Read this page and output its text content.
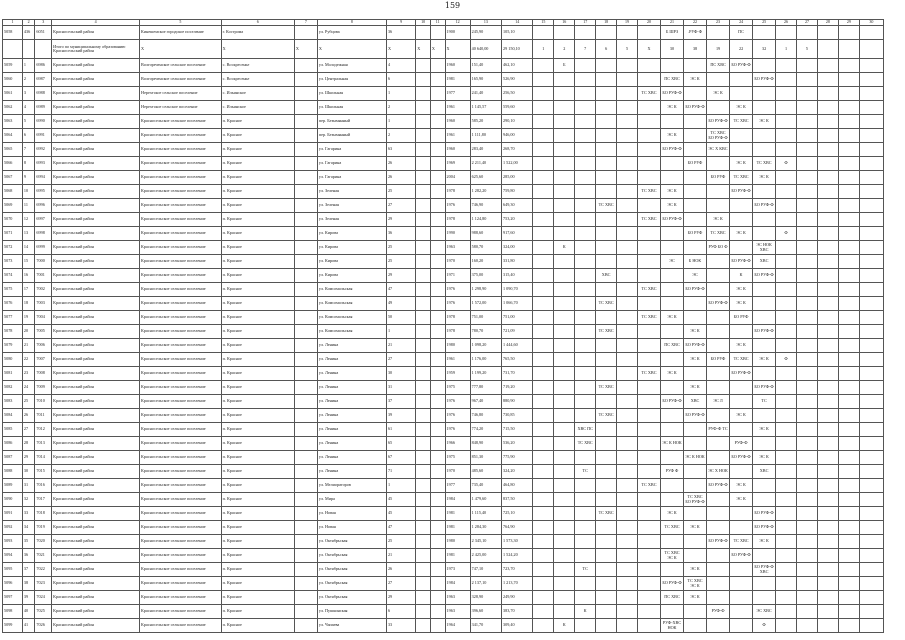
159
1	2	3	4	5	6	7	8	9	10	11	12	13	14	15	16	17	18	19	20	21	22	23	24	25	26	27	28	29	30
5058	436	6051	Красносельский район	Кинешемское городское поселение	г. Кострома		ул. Рубцова	36			1900	245,90	105,10							Б ШРЗ	.РУФ-Ф		ПС						
			Итого по муниципальному образованию Красносельский район	X	X	X	X	X	X	X	X	40 640,00	29 150,10	1	2	7	6	5	Х	30	38	19	22	32	1	5			
5059	1	6986	Красносельский район	Волгореченское сельское поселение	с. Воскресенье		ул. Молодежная	4			1960	151,40	462,10		Б							ПС ХВС	БО РУФ-Ф						
5060	2	6987	Красносельский район	Волгореченское сельское поселение	с. Воскресенье		ул. Центральная	6			1981	165,90	526,90							ПС ХВС	ЭС К			БО РУФ-Ф					
5061	3	6988	Красносельский район	Нерехтское сельское поселение	с. Ильинское		ул. Школьная	1			1977	241,40	256,50						ТС ХВС	БО РУФ-Ф		ЭС К							
5062	4	6989	Красносельский район	Нерехтское сельское поселение	с. Ильинское		ул. Школьная	2			1961	1 145,57	559,60							ЭС К	БО РУФ-Ф		ЭС К						
5063	5	6990	Красносельский район	Красносельское сельское поселение	п. Красное		пер. Безымянный	1			1960	585,20	290,10									БО РУФ-Ф	ТС ХВС	ЭС К					
5064	6	6991	Красносельский район	Красносельское сельское поселение	п. Красное		пер. Безымянный	2			1961	1 111,80	946,00							ЭС К		ТС ХВС БО РУФ-Ф							
5065	7	6992	Красносельский район	Красносельское сельское поселение	п. Красное		ул. Гагарина	63			1960	283,40	268,70							БО РУФ-Ф		ЭС Х КВС							
5066	8	6993	Красносельский район	Красносельское сельское поселение	п. Красное		ул. Гагарина	26			1969	2 211,40	1 522,00								БО РУФ		ЭС К	ТС ХВС	Ф				
5067	9	6994	Красносельский район	Красносельское сельское поселение	п. Красное		ул. Гагарина	26			2004	625,60	285,00									БО РУФ	ТС ХВС	ЭС К					
5068	10	6995	Красносельский район	Красносельское сельское поселение	п. Красное		ул. Зеленая	25			1978	1 282,20	759,80						ТС ХВС	ЭС К			БО РУФ-Ф						
5069	11	6996	Красносельский район	Красносельское сельское поселение	п. Красное		ул. Зеленая	27			1976	746,90	649,30				ТС ХВС			ЭС К				БО РУФ-Ф					
5070	12	6997	Красносельский район	Красносельское сельское поселение	п. Красное		ул. Зеленая	29			1978	1 124,80	753,20						ТС ХВС	БО РУФ-Ф		ЭС К							
5071	13	6998	Красносельский район	Красносельское сельское поселение	п. Красное		ул. Кирова	36			1990	988,60	917,60								БО РУФ	ТС ХВС	ЭС К		Ф				
5072	14	6999	Красносельский район	Красносельское сельское поселение	п. Красное		ул. Кирова	25			1963	580,70	324,00		К							РУФ БО Ф		ЭС НОК ХВС					
5073	15	7000	Красносельский район	Красносельское сельское поселение	п. Красное		ул. Кирова	25			1970	160,20	331,80							ЭС	Б НОК		БО РУФ-Ф	ХВС					
5074	16	7001	Красносельский район	Красносельское сельское поселение	п. Красное		ул. Кирова	29			1971	375,00	315,40				ХВС				ЭС		К	БО РУФ-Ф					
5075	17	7002	Красносельский район	Красносельское сельское поселение	п. Красное		ул. Комсомольская	47			1976	1 298,90	1 090,70						ТС ХВС		БО РУФ-Ф		ЭС К						
5076	18	7003	Красносельский район	Красносельское сельское поселение	п. Красное		ул. Комсомольская	49			1976	1 572,00	1 066,70				ТС ХВС					БО РУФ-Ф	ЭС К						
5077	19	7004	Красносельский район	Красносельское сельское поселение	п. Красное		ул. Комсомольская	50			1978	751,00	751,00						ТС ХВС	ЭС К			БО РУФ						
5078	20	7005	Красносельский район	Красносельское сельское поселение	п. Красное		ул. Комсомольская	1			1978	780,70	721,09				ТС ХВС				ЭС К			БО РУФ-Ф					
5079	21	7006	Красносельский район	Красносельское сельское поселение	п. Красное		ул. Ленина	21			1980	1 098,20	1 444,60							ПС ХВС	БО РУФ-Ф		ЭС К						
5080	22	7007	Красносельский район	Красносельское сельское поселение	п. Красное		ул. Ленина	27			1961	1 176,00	765,50								ЭС К	БО РУФ	ТС ХВС	ЭС К	Ф				
5081	23	7008	Красносельский район	Красносельское сельское поселение	п. Красное		ул. Ленина	30			1959	1 199,20	731,70						ТС ХВС	ЭС К			БО РУФ-Ф						
5082	24	7009	Красносельский район	Красносельское сельское поселение	п. Красное		ул. Ленина	31			1975	777,80	719,20				ТС ХВС				ЭС К			БО РУФ-Ф					
5083	25	7010	Красносельский район	Красносельское сельское поселение	п. Красное		ул. Ленина	37			1976	967,40	880,90							БО РУФ-Ф	ХВС	ЭС Л		ТС					
5084	26	7011	Красносельский район	Красносельское сельское поселение	п. Красное		ул. Ленина	39			1976	746,80	730,85				ТС ХВС				БО РУФ-Ф		ЭС К						
5085	27	7012	Красносельский район	Красносельское сельское поселение	п. Красное		ул. Ленина	61			1976	774,20	715,50			ХВС ПС						РУФ-Ф ТС		ЭС К					
5086	28	7013	Красносельский район	Красносельское сельское поселение	п. Красное		ул. Ленина	65			1966	848,90	536,20			ТС ХВС				ЭС К НОК			РУФ-Ф						
5087	29	7014	Красносельский район	Красносельское сельское поселение	п. Красное		ул. Ленина	67			1975	851,30	775,90								ЭС К НОК		БО РУФ-Ф	ЭС К					
5088	30	7015	Красносельский район	Красносельское сельское поселение	п. Красное		ул. Ленина	71			1970	485,60	324,20			ТС				РУФ Ф		ЭС Х НОК		ХВС					
5089	31	7016	Красносельский район	Красносельское сельское поселение	п. Красное		ул. Мелиораторов	1			1977	735,40	464,80						ТС ХВС			БО РУФ-Ф	ЭС К						
5090	32	7017	Красносельский район	Красносельское сельское поселение	п. Красное		ул. Мира	45			1984	1 479,60	837,50								ТС ХВС БО РУФ-Ф		ЭС К						
5091	33	7018	Красносельский район	Красносельское сельское поселение	п. Красное		ул. Новая	45			1981	1 115,40	725,10				ТС ХВС			ЭС К				БО РУФ-Ф					
5092	34	7019	Красносельский район	Красносельское сельское поселение	п. Красное		ул. Новая	47			1981	1 284,30	764,90							ТС ХВС	ЭС К			БО РУФ-Ф					
5093	35	7020	Красносельский район	Красносельское сельское поселение	п. Красное		ул. Октябрьская	25			1980	2 345,10	1 573,30									БО РУФ-Ф	ТС ХВС	ЭС К					
5094	36	7021	Красносельский район	Красносельское сельское поселение	п. Красное		ул. Октябрьская	21			1981	2 425,00	1 524,20							ТС ХВС ЭС К			БО РУФ-Ф						
5095	37	7022	Красносельский район	Красносельское сельское поселение	п. Красное		ул. Октябрьская	26			1973	747,10	723,70			ТС					ЭС К			БО РУФ-Ф ХВС					
5096	38	7023	Красносельский район	Красносельское сельское поселение	п. Красное		ул. Октябрьская	27			1984	2 137,10	1 213,70							БО РУФ-Ф	ТС ХВС ЭС К								
5097	39	7024	Красносельский район	Красносельское сельское поселение	п. Красное		ул. Октябрьская	29			1963	328,90	249,90							ПС ХВС	ЭС К								
5098	40	7025	Красносельский район	Красносельское сельское поселение	п. Красное		ул. Пушкинская	6			1963	396,60	383,70			К						РУФ-Ф		ЭС ХВС					
5099	41	7026	Красносельский район	Красносельское сельское поселение	п. Красное		ул. Чапаева	33			1964	341,70	309,40		К					РУФ-ХВС НОК				Ф					
